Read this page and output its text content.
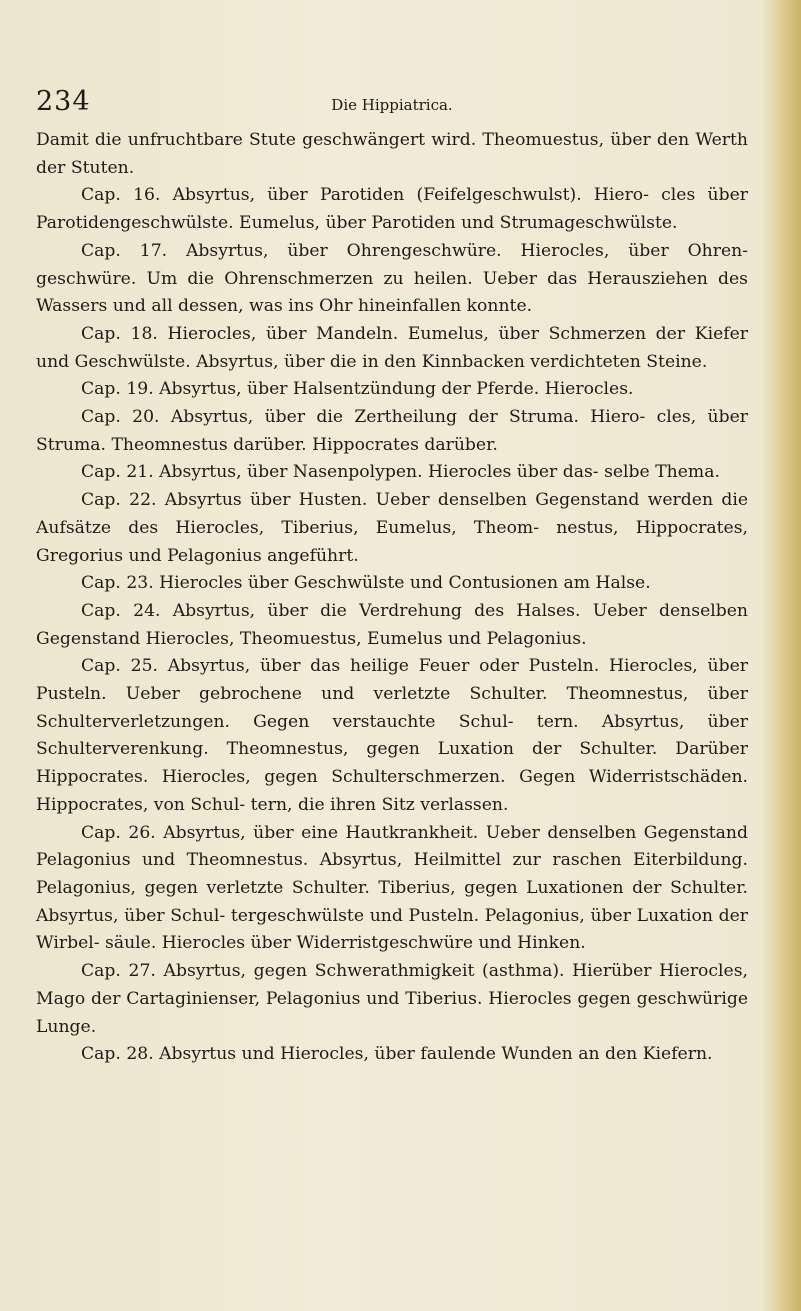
234	Die Hippiatrica.

Damit die unfruchtbare Stute geschwängert wird. Theomuestus, über den Werth der Stuten.

Cap. 16. Absyrtus, über Parotiden (Feifelgeschwulst). Hiero- cles über Parotidengeschwülste. Eumelus, über Parotiden und Strumageschwülste.

Cap. 17. Absyrtus, über Ohrengeschwüre. Hierocles, über Ohren- geschwüre. Um die Ohrenschmerzen zu heilen. Ueber das Herausziehen des Wassers und all dessen, was ins Ohr hineinfallen konnte.

Cap. 18. Hierocles, über Mandeln. Eumelus, über Schmerzen der Kiefer und Geschwülste. Absyrtus, über die in den Kinnbacken verdichteten Steine.

Cap. 19. Absyrtus, über Halsentzündung der Pferde. Hierocles.

Cap. 20. Absyrtus, über die Zertheilung der Struma. Hiero- cles, über Struma. Theomnestus darüber. Hippocrates darüber.

Cap. 21. Absyrtus, über Nasenpolypen. Hierocles über das- selbe Thema.

Cap. 22. Absyrtus über Husten. Ueber denselben Gegenstand werden die Aufsätze des Hierocles, Tiberius, Eumelus, Theom- nestus, Hippocrates, Gregorius und Pelagonius angeführt.

Cap. 23. Hierocles über Geschwülste und Contusionen am Halse.

Cap. 24. Absyrtus, über die Verdrehung des Halses. Ueber denselben Gegenstand Hierocles, Theomuestus, Eumelus und Pelagonius.

Cap. 25. Absyrtus, über das heilige Feuer oder Pusteln. Hierocles, über Pusteln. Ueber gebrochene und verletzte Schulter. Theomnestus, über Schulterverletzungen. Gegen verstauchte Schul- tern. Absyrtus, über Schulterverenkung. Theomnestus, gegen Luxation der Schulter. Darüber Hippocrates. Hierocles, gegen Schulterschmerzen. Gegen Widerristschäden. Hippocrates, von Schul- tern, die ihren Sitz verlassen.

Cap. 26. Absyrtus, über eine Hautkrankheit. Ueber denselben Gegenstand Pelagonius und Theomnestus. Absyrtus, Heilmittel zur raschen Eiterbildung. Pelagonius, gegen verletzte Schulter. Tiberius, gegen Luxationen der Schulter. Absyrtus, über Schul- tergeschwülste und Pusteln. Pelagonius, über Luxation der Wirbel- säule. Hierocles über Widerristgeschwüre und Hinken.

Cap. 27. Absyrtus, gegen Schwerathmigkeit (asthma). Hierüber Hierocles, Mago der Cartaginienser, Pelagonius und Tiberius. Hierocles gegen geschwürige Lunge.

Cap. 28. Absyrtus und Hierocles, über faulende Wunden an den Kiefern.
